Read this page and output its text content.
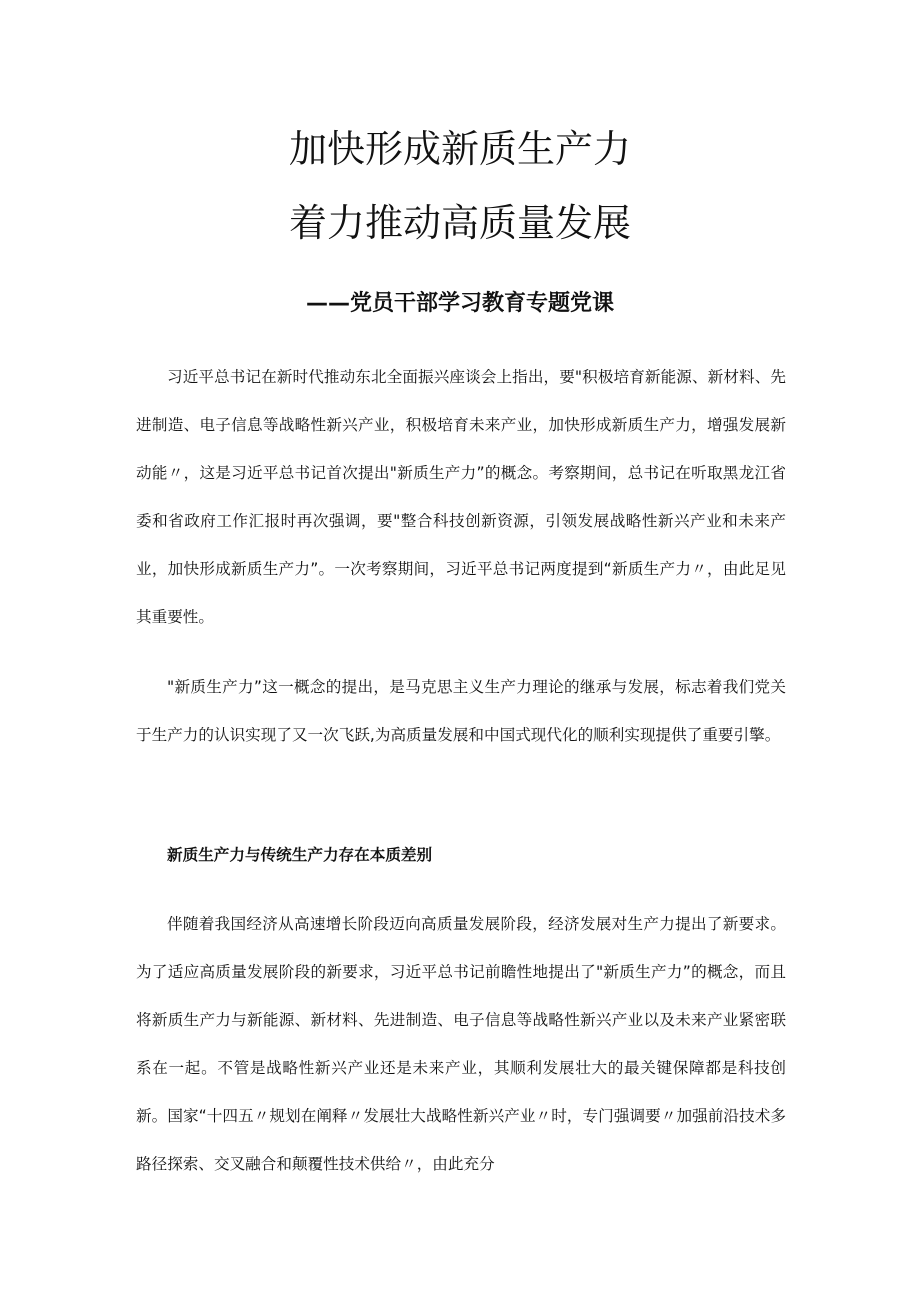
加快形成新质生产力
着力推动高质量发展
——党员干部学习教育专题党课

习近平总书记在新时代推动东北全面振兴座谈会上指出，要"积极培育新能源、新材料、先进制造、电子信息等战略性新兴产业，积极培育未来产业，加快形成新质生产力，增强发展新动能〃，这是习近平总书记首次提出"新质生产力”的概念。考察期间，总书记在听取黑龙江省委和省政府工作汇报时再次强调，要"整合科技创新资源，引领发展战略性新兴产业和未来产业，加快形成新质生产力”。一次考察期间，习近平总书记两度提到“新质生产力〃，由此足见其重要性。

"新质生产力”这一概念的提出，是马克思主义生产力理论的继承与发展，标志着我们党关于生产力的认识实现了又一次飞跃,为高质量发展和中国式现代化的顺利实现提供了重要引擎。

新质生产力与传统生产力存在本质差别

伴随着我国经济从高速增长阶段迈向高质量发展阶段，经济发展对生产力提出了新要求。为了适应高质量发展阶段的新要求，习近平总书记前瞻性地提出了"新质生产力”的概念，而且将新质生产力与新能源、新材料、先进制造、电子信息等战略性新兴产业以及未来产业紧密联系在一起。不管是战略性新兴产业还是未来产业，其顺利发展壮大的最关键保障都是科技创新。国家“十四五〃规划在阐释〃发展壮大战略性新兴产业〃时，专门强调要〃加强前沿技术多路径探索、交叉融合和颠覆性技术供给〃，由此充分
